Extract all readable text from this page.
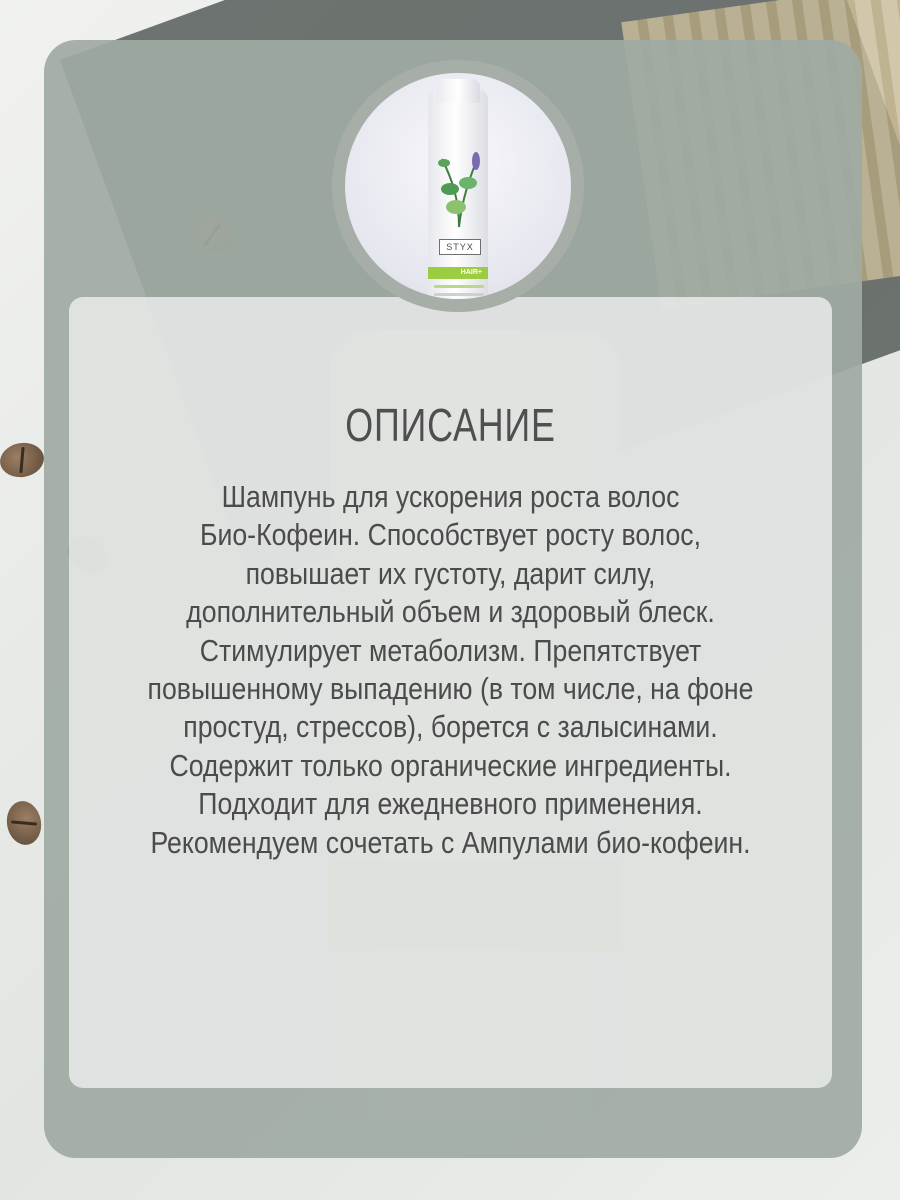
STYX
HAIR+
ОПИСАНИЕ
Шампунь для ускорения роста волос
Био-Кофеин. Способствует росту волос,
повышает их густоту, дарит силу,
дополнительный объем и здоровый блеск.
Стимулирует метаболизм. Препятствует
повышенному выпадению (в том числе, на фоне
простуд, стрессов), борется с залысинами.
Содержит только органические ингредиенты.
Подходит для ежедневного применения.
Рекомендуем сочетать с Ампулами био-кофеин.
